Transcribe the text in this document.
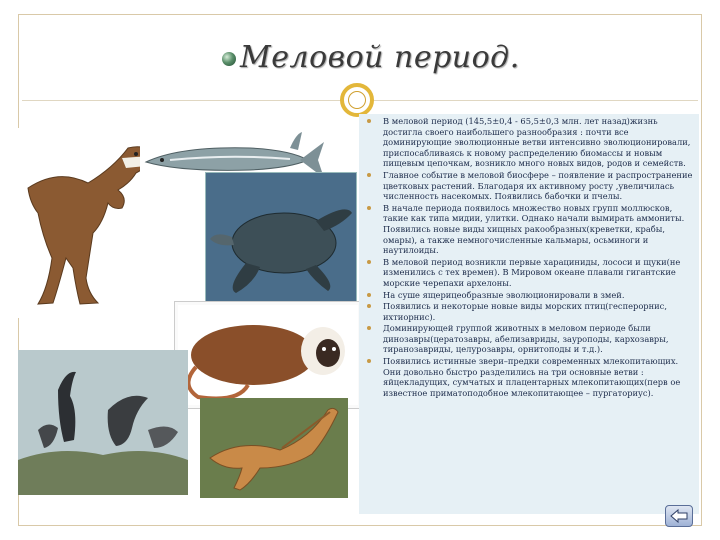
Меловой период.
В меловой период (145,5±0,4 - 65,5±0,3 млн. лет назад)жизнь достигла своего наибольшего разнообразия : почти все доминирующие эволюционные ветви интенсивно эволюционировали, приспосабливаясь к новому распределению биомассы и новым пищевым цепочкам, возникло много новых видов, родов и семейств.
Главное событие в меловой биосфере – появление и распространение цветковых растений. Благодаря их активному росту ,увеличилась численность насекомых. Появились бабочки и пчелы.
В начале периода появилось множество новых групп моллюсков, такие как типа мидии, улитки. Однако начали вымирать аммониты. Появились новые виды хищных ракообразных(креветки, крабы, омары), а также немногочисленные кальмары, осьминоги и наутилоиды.
В меловой период возникли первые харациниды, лососи и щуки(не изменились с тех времен). В Мировом океане плавали гигантские морские черепахи архелоны.
На суше ящерицеобразные эволюционировали в змей.
Появились и некоторые новые виды морских птиц(гесперорнис, ихтиорнис).
Доминирующей группой животных в меловом периоде были динозавры(цератозавры, абелизавриды, зауроподы, кархозавры, тиранозавриды, целурозавры, орнитоподы и т.д.).
Появились истинные звери–предки современных млекопитающих. Они довольно быстро разделились на три основные ветви : яйцекладущих, сумчатых и плацентарных млекопитающих(перв ое известное приматоподобное млекопитающее – пургаториус).
